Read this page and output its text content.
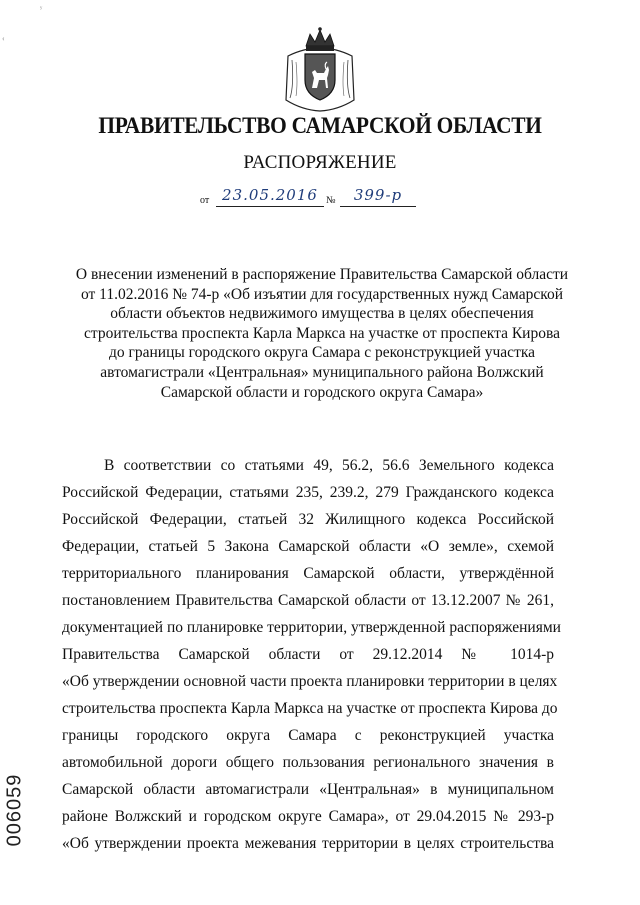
ʸ
‹
ПРАВИТЕЛЬСТВО САМАРСКОЙ ОБЛАСТИ
РАСПОРЯЖЕНИЕ
от 23.05.2016 №	399-р
О внесении изменений в распоряжение Правительства Самарской области
от 11.02.2016 № 74-р «Об изъятии для государственных нужд Самарской
области объектов недвижимого имущества в целях обеспечения
строительства проспекта Карла Маркса на участке от проспекта Кирова
до границы городского округа Самара с реконструкцией участка
автомагистрали «Центральная» муниципального района Волжский
Самарской области и городского округа Самара»
В соответствии со статьями 49, 56.2, 56.6 Земельного кодекса
Российской Федерации, статьями 235, 239.2, 279 Гражданского кодекса
Российской Федерации, статьей 32 Жилищного кодекса Российской
Федерации, статьей 5 Закона Самарской области «О земле», схемой
территориального планирования Самарской области, утверждённой
постановлением Правительства Самарской области от 13.12.2007 № 261,
документацией по планировке территории, утвержденной распоряжениями
Правительства Самарской области от 29.12.2014 № 1014-р
«Об утверждении основной части проекта планировки территории в целях
строительства проспекта Карла Маркса на участке от проспекта Кирова до
границы городского округа Самара с реконструкцией участка
автомобильной дороги общего пользования регионального значения в
Самарской области автомагистрали «Центральная» в муниципальном
районе Волжский и городском округе Самара», от 29.04.2015 № 293-р
«Об утверждении проекта межевания территории в целях строительства
006059
